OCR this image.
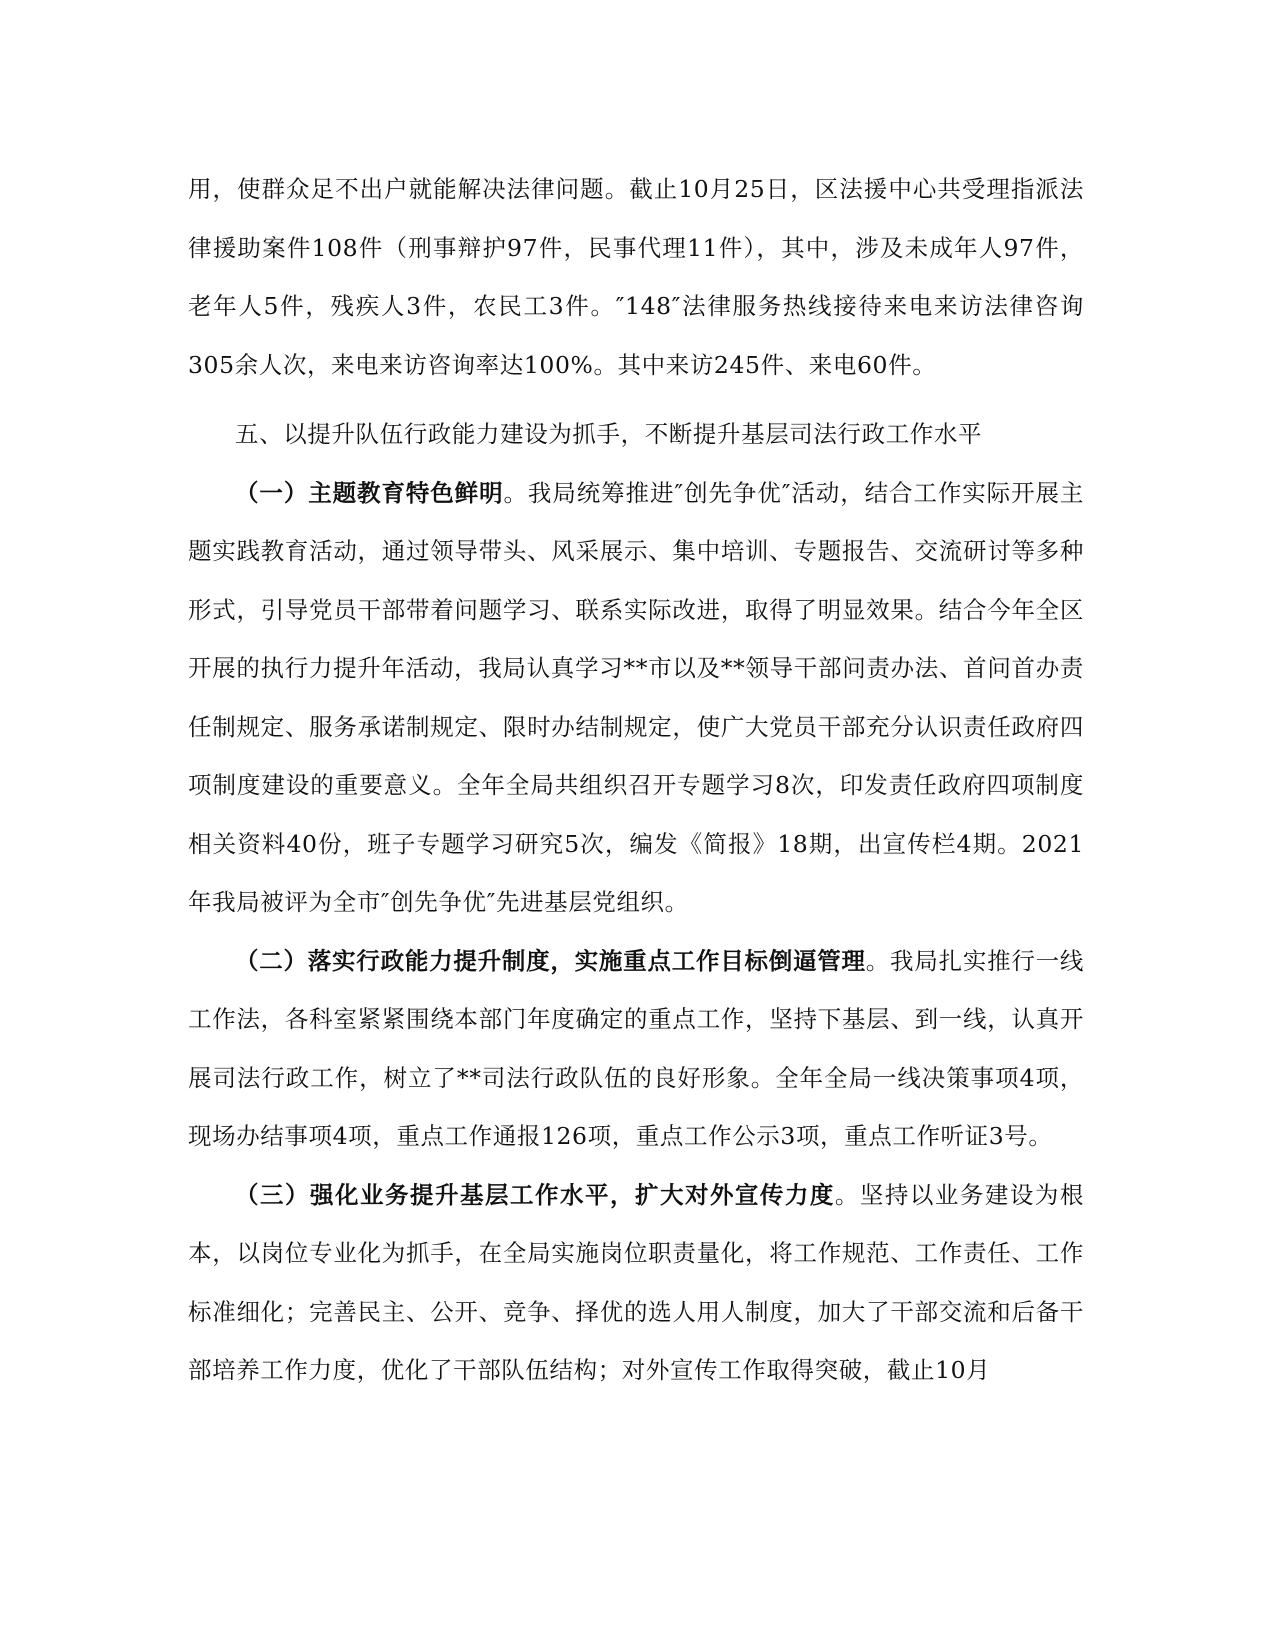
用，使群众足不出户就能解决法律问题。截止10月25日，区法援中心共受理指派法律援助案件108件（刑事辩护97件，民事代理11件），其中，涉及未成年人97件，老年人5件，残疾人3件，农民工3件。″148″法律服务热线接待来电来访法律咨询305余人次，来电来访咨询率达100%。其中来访245件、来电60件。

五、以提升队伍行政能力建设为抓手，不断提升基层司法行政工作水平

（一）主题教育特色鲜明。我局统筹推进″创先争优″活动，结合工作实际开展主题实践教育活动，通过领导带头、风采展示、集中培训、专题报告、交流研讨等多种形式，引导党员干部带着问题学习、联系实际改进，取得了明显效果。结合今年全区开展的执行力提升年活动，我局认真学习**市以及**领导干部问责办法、首问首办责任制规定、服务承诺制规定、限时办结制规定，使广大党员干部充分认识责任政府四项制度建设的重要意义。全年全局共组织召开专题学习8次，印发责任政府四项制度相关资料40份，班子专题学习研究5次，编发《简报》18期，出宣传栏4期。2021年我局被评为全市″创先争优″先进基层党组织。

（二）落实行政能力提升制度，实施重点工作目标倒逼管理。我局扎实推行一线工作法，各科室紧紧围绕本部门年度确定的重点工作，坚持下基层、到一线，认真开展司法行政工作，树立了**司法行政队伍的良好形象。全年全局一线决策事项4项，现场办结事项4项，重点工作通报126项，重点工作公示3项，重点工作听证3号。

（三）强化业务提升基层工作水平，扩大对外宣传力度。坚持以业务建设为根本，以岗位专业化为抓手，在全局实施岗位职责量化，将工作规范、工作责任、工作标准细化；完善民主、公开、竞争、择优的选人用人制度，加大了干部交流和后备干部培养工作力度，优化了干部队伍结构；对外宣传工作取得突破，截止10月
